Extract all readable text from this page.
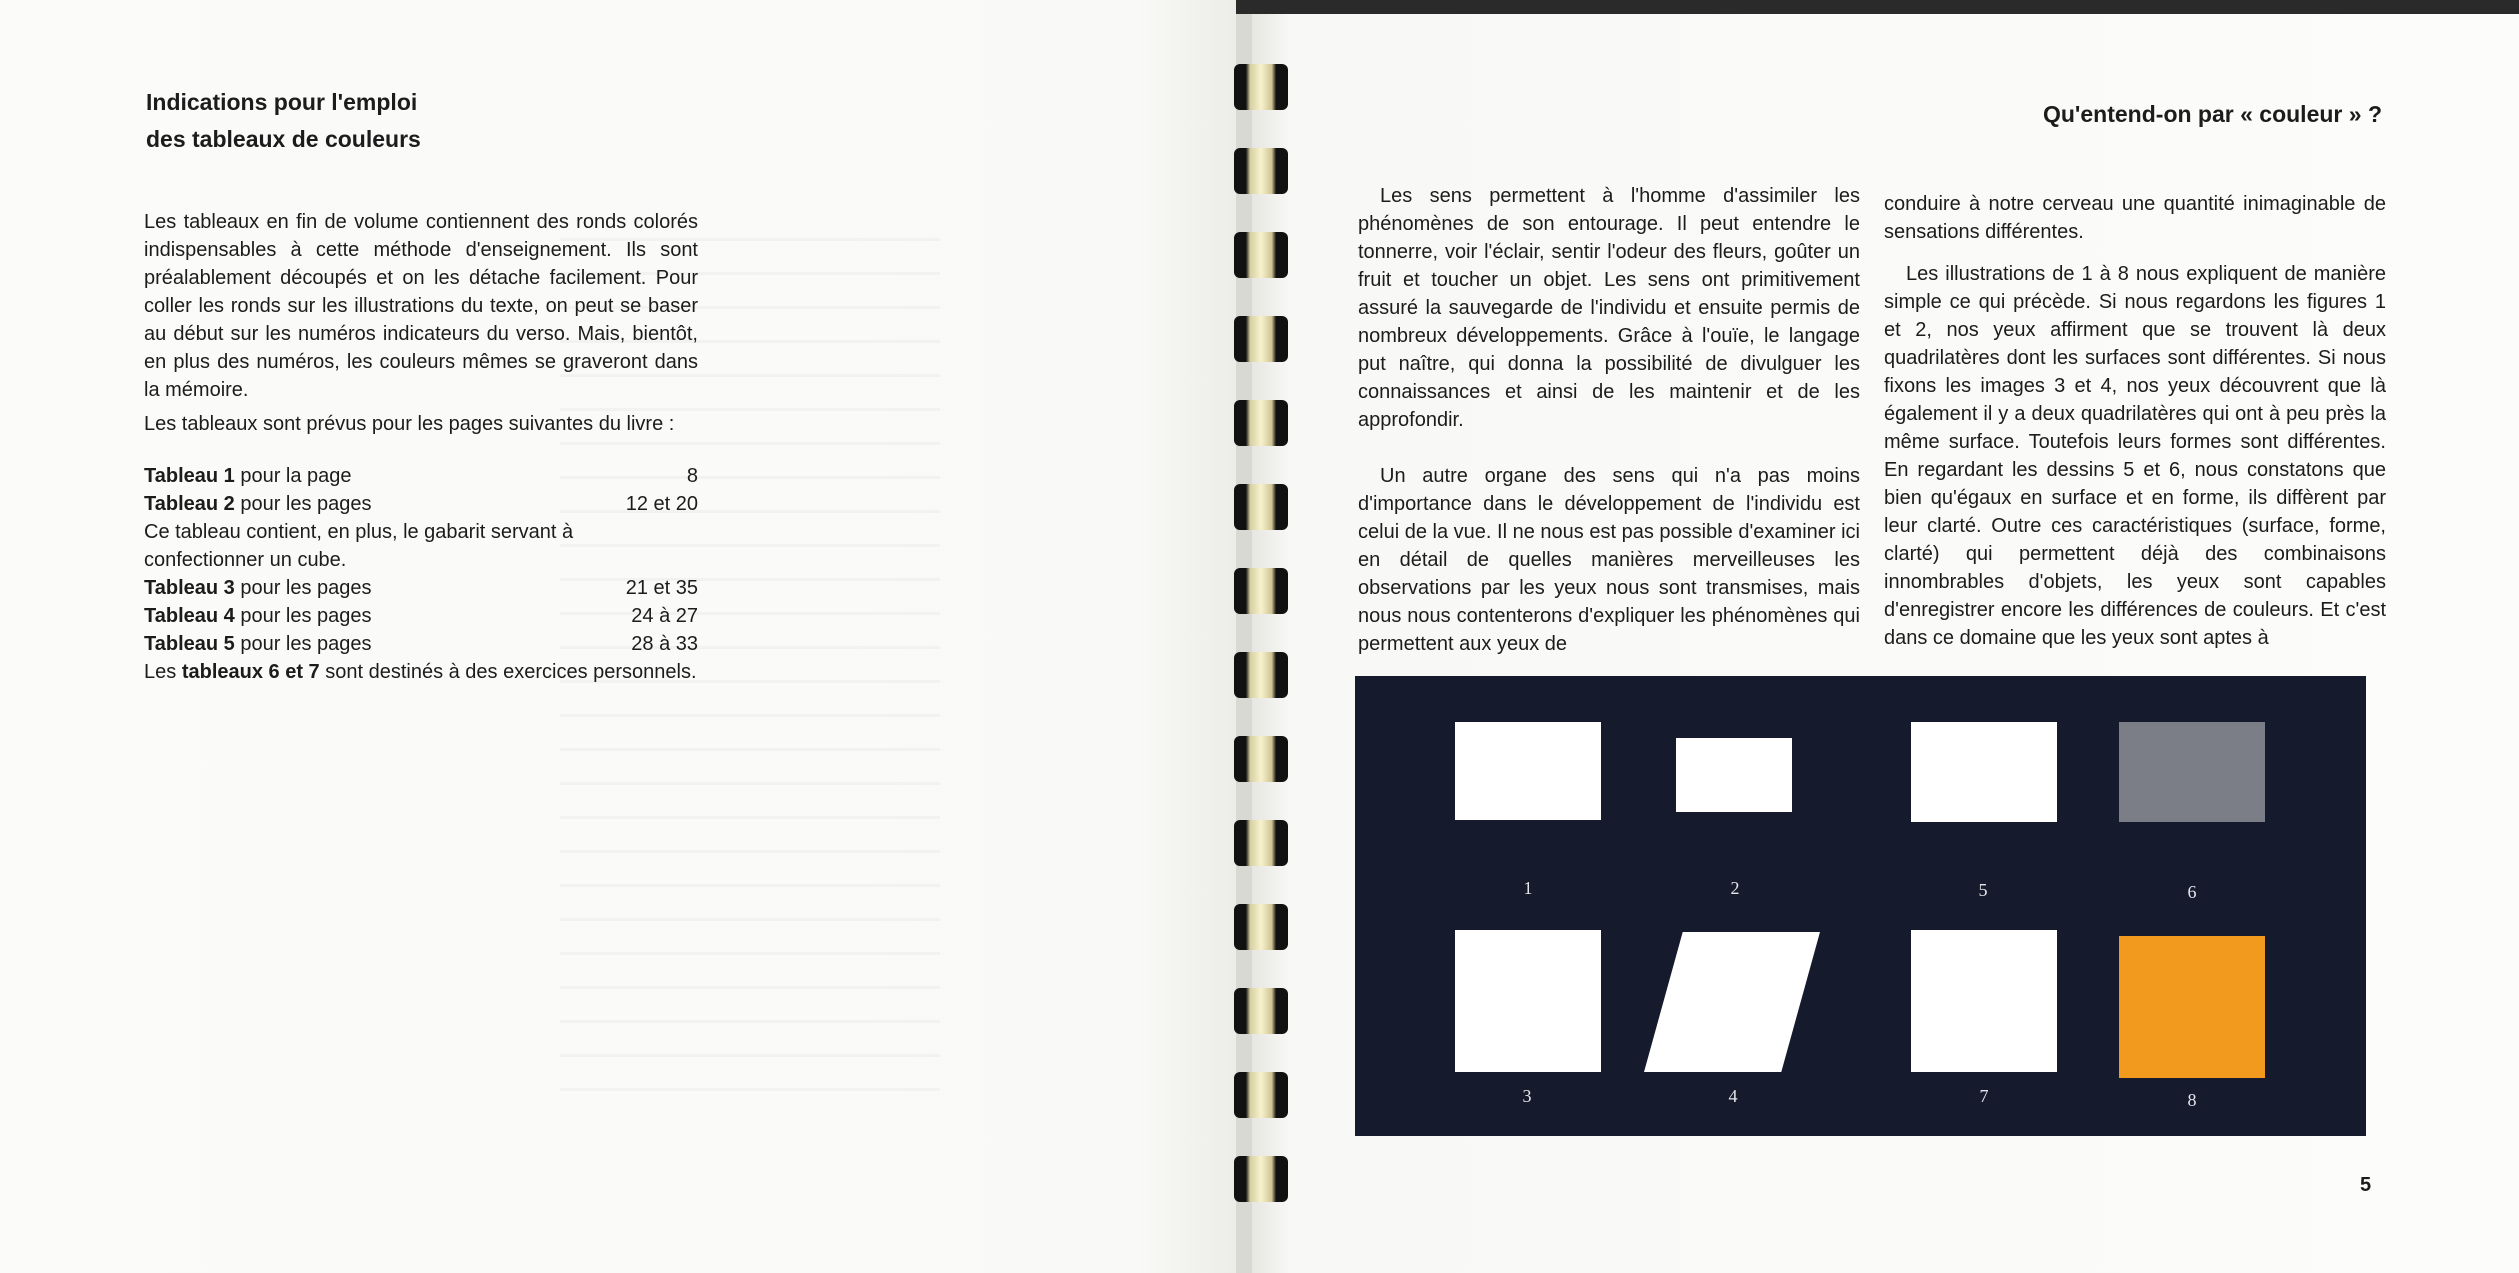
Indications pour l'emploi
des tableaux de couleurs

Les tableaux en fin de volume contiennent des ronds colorés indispensables à cette méthode d'enseignement. Ils sont préalablement découpés et on les détache facilement. Pour coller les ronds sur les illustrations du texte, on peut se baser au début sur les numéros indicateurs du verso. Mais, bientôt, en plus des numéros, les couleurs mêmes se graveront dans la mémoire.

Les tableaux sont prévus pour les pages suivantes du livre :

Tableau 1 pour la page	8
Tableau 2 pour les pages	12 et 20

Ce tableau contient, en plus, le gabarit servant à confectionner un cube.

Tableau 3 pour les pages	21 et 35
Tableau 4 pour les pages	24 à 27
Tableau 5 pour les pages	28 à 33

Les tableaux 6 et 7 sont destinés à des exercices personnels.

Qu'entend-on par « couleur » ?

Les sens permettent à l'homme d'assimiler les phénomènes de son entourage. Il peut entendre le tonnerre, voir l'éclair, sentir l'odeur des fleurs, goûter un fruit et toucher un objet. Les sens ont primitivement assuré la sauvegarde de l'individu et ensuite permis de nombreux développements. Grâce à l'ouïe, le langage put naître, qui donna la possibilité de divulguer les connaissances et ainsi de les maintenir et de les approfondir.

Un autre organe des sens qui n'a pas moins d'importance dans le développement de l'individu est celui de la vue. Il ne nous est pas possible d'examiner ici en détail de quelles manières merveilleuses les observations par les yeux nous sont transmises, mais nous nous contenterons d'expliquer les phénomènes qui permettent aux yeux de

conduire à notre cerveau une quantité inimaginable de sensations différentes.

Les illustrations de 1 à 8 nous expliquent de manière simple ce qui précède. Si nous regardons les figures 1 et 2, nos yeux affirment que se trouvent là deux quadrilatères dont les surfaces sont différentes. Si nous fixons les images 3 et 4, nos yeux découvrent que là également il y a deux quadrilatères qui ont à peu près la même surface. Toutefois leurs formes sont différentes. En regardant les dessins 5 et 6, nous constatons que bien qu'égaux en surface et en forme, ils diffèrent par leur clarté. Outre ces caractéristiques (surface, forme, clarté) qui permettent déjà des combinaisons innombrables d'objets, les yeux sont capables d'enregistrer encore les différences de couleurs. Et c'est dans ce domaine que les yeux sont aptes à

1	2	5	6
3	4	7	8
5
